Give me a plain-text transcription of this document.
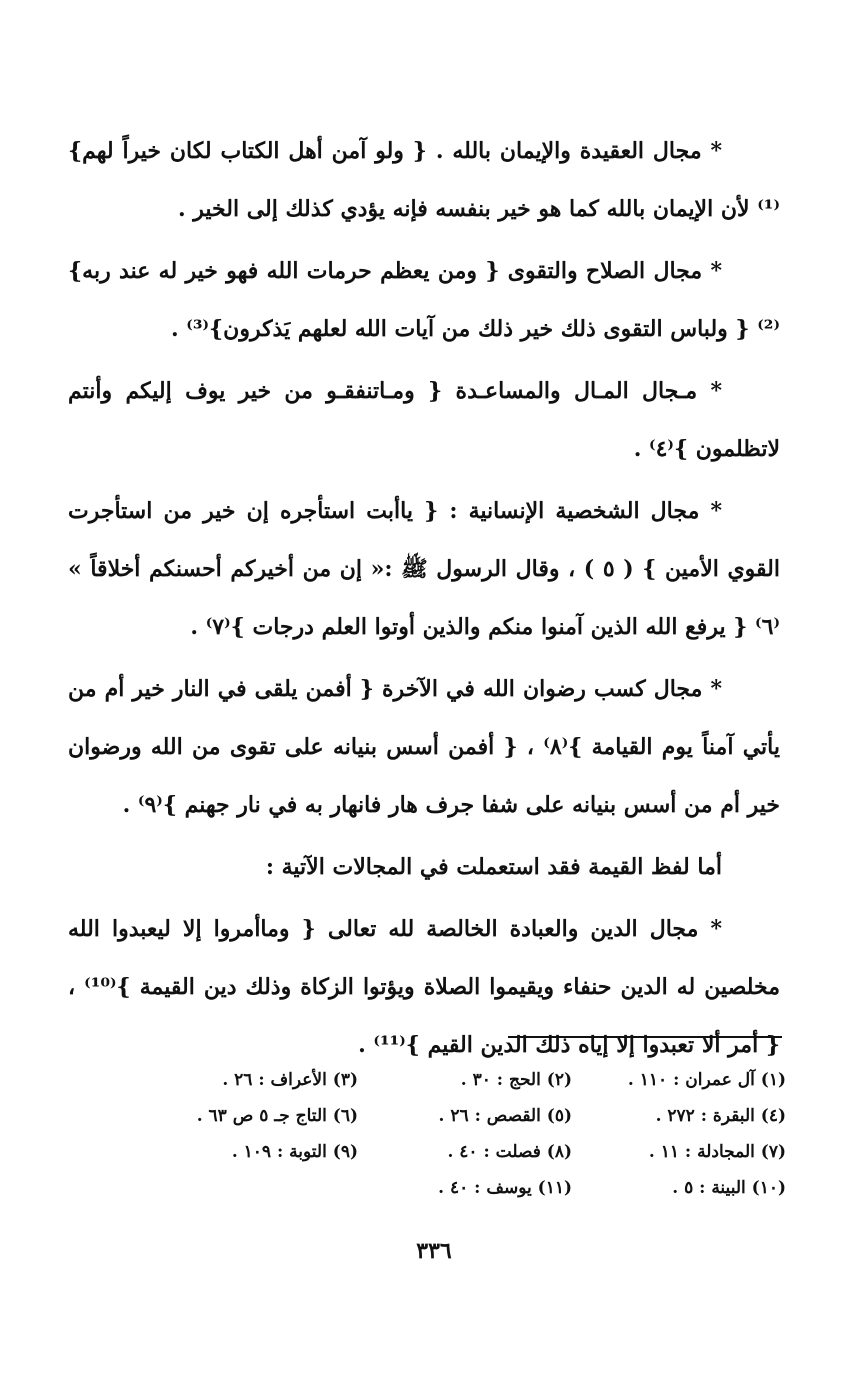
* مجال العقيدة والإيمان بالله . { ولو آمن أهل الكتاب لكان خيراً لهم}⁽¹⁾ لأن الإيمان بالله كما هو خير بنفسه فإنه يؤدي كذلك إلى الخير .

* مجال الصلاح والتقوى { ومن يعظم حرمات الله فهو خير له عند ربه}⁽²⁾ { ولباس التقوى ذلك خير ذلك من آيات الله لعلهم يَذكرون}⁽³⁾ .

* مـجال المـال والمساعـدة { ومـاتنفقـو من خير يوف إليكم وأنتم لاتظلمون }⁽٤⁾ .

* مجال الشخصية الإنسانية : { ياأبت استأجره إن خير من استأجرت القوي الأمين } ( ٥ ) ، وقال الرسول ﷺ :« إن من أخيركم أحسنكم أخلاقاً » ⁽٦⁾ { يرفع الله الذين آمنوا منكم والذين أوتوا العلم درجات }⁽٧⁾ .

* مجال كسب رضوان الله في الآخرة { أفمن يلقى في النار خير أم من يأتي آمناً يوم القيامة }⁽٨⁾ ، { أفمن أسس بنيانه على تقوى من الله ورضوان خير أم من أسس بنيانه على شفا جرف هار فانهار به في نار جهنم }⁽٩⁾ .

أما لفظ القيمة فقد استعملت في المجالات الآتية :

* مجال الدين والعبادة الخالصة لله تعالى { وماأمروا إلا ليعبدوا الله مخلصين له الدين حنفاء ويقيموا الصلاة ويؤتوا الزكاة وذلك دين القيمة }⁽¹⁰⁾ ، { أمر ألا تعبدوا إلا إياه ذلك الدين القيم }⁽¹¹⁾ .

(١) آل عمران : ١١٠ .
(٢) الحج : ٣٠ .
(٣) الأعراف : ٢٦ .
(٤) البقرة : ٢٧٢ .
(٥) القصص : ٢٦ .
(٦) التاج جـ ٥ ص ٦٣ .
(٧) المجادلة : ١١ .
(٨) فصلت : ٤٠ .
(٩) التوبة : ١٠٩ .
(١٠) البينة : ٥ .
(١١) يوسف : ٤٠ .
٣٣٦
